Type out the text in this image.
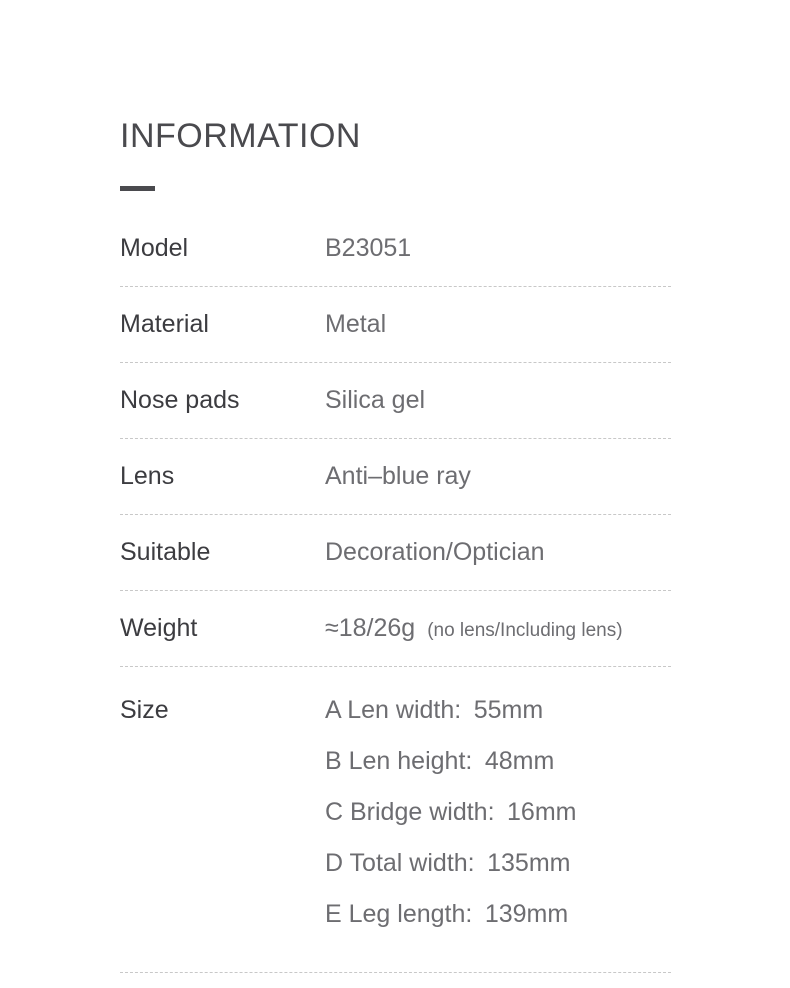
INFORMATION
Model	B23051
Material	Metal
Nose pads	Silica gel
Lens	Anti–blue ray
Suitable	Decoration/Optician
Weight	≈18/26g (no lens/Including lens)
Size	A Len width: 55mm
B Len height: 48mm
C Bridge width: 16mm
D Total width: 135mm
E Leg length: 139mm
